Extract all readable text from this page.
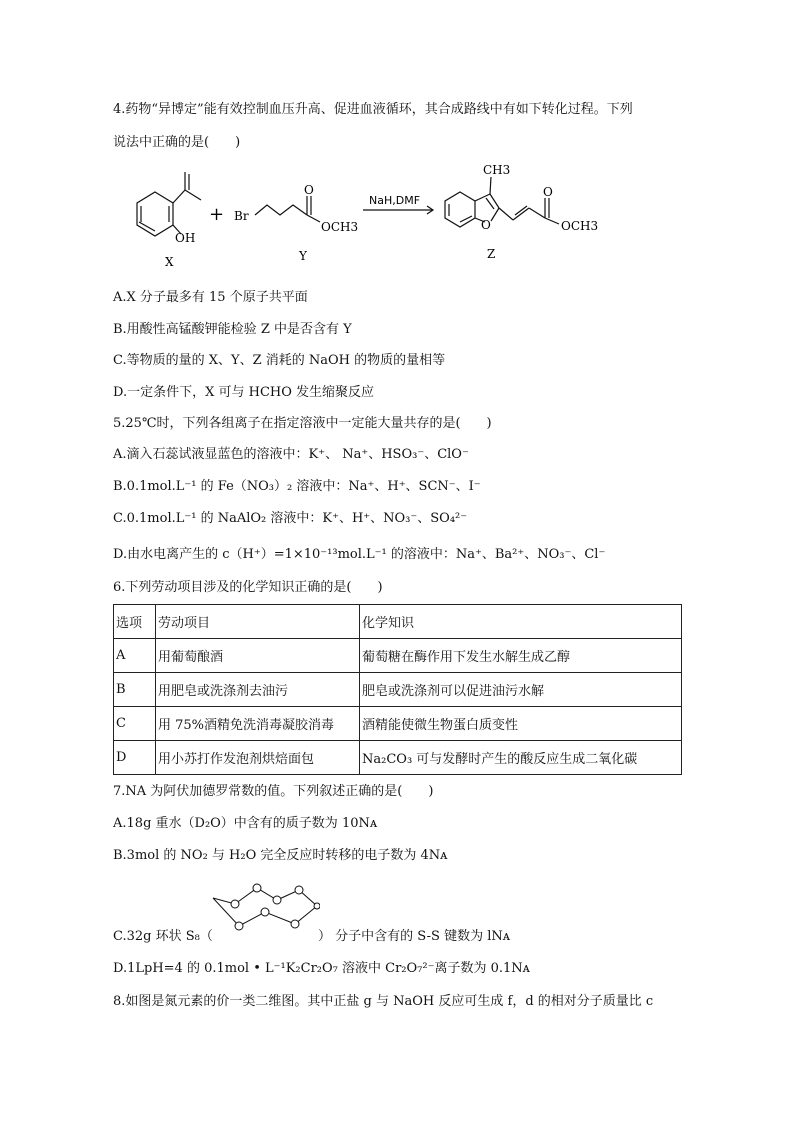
4.药物“异博定”能有效控制血压升高、促进血液循环，其合成路线中有如下转化过程。下列
说法中正确的是(　　)
OH
+ Br
O
OCH3
NaH,DMF
O
CH3
O
OCH3
X	Y	Z
A.X 分子最多有 15 个原子共平面
B.用酸性高锰酸钾能检验 Z 中是否含有 Y
C.等物质的量的 X、Y、Z 消耗的 NaOH 的物质的量相等
D.一定条件下，X 可与 HCHO 发生缩聚反应
5.25℃时，下列各组离子在指定溶液中一定能大量共存的是(　　)
A.滴入石蕊试液显蓝色的溶液中：K⁺、 Na⁺、HSO₃⁻、ClO⁻
B.0.1mol.L⁻¹ 的 Fe（NO₃）₂ 溶液中：Na⁺、H⁺、SCN⁻、I⁻
C.0.1mol.L⁻¹ 的 NaAlO₂ 溶液中：K⁺、H⁺、NO₃⁻、SO₄²⁻
D.由水电离产生的 c（H⁺）=1×10⁻¹³mol.L⁻¹ 的溶液中：Na⁺、Ba²⁺、NO₃⁻、Cl⁻
6.下列劳动项目涉及的化学知识正确的是(　　)
选项	劳动项目	化学知识
A	用葡萄酿酒	葡萄糖在酶作用下发生水解生成乙醇
B	用肥皂或洗涤剂去油污	肥皂或洗涤剂可以促进油污水解
C	用 75%酒精免洗消毒凝胶消毒	酒精能使微生物蛋白质变性
D	用小苏打作发泡剂烘焙面包	Na₂CO₃ 可与发酵时产生的酸反应生成二氧化碳
7.NA 为阿伏加德罗常数的值。下列叙述正确的是(　　)
A.18g 重水（D₂O）中含有的质子数为 10Nᴀ
B.3mol 的 NO₂ 与 H₂O 完全反应时转移的电子数为 4Nᴀ
C.32g 环状 S₈（	） 分子中含有的 S-S 键数为 lNᴀ
D.1LpH=4 的 0.1mol • L⁻¹K₂Cr₂O₇ 溶液中 Cr₂O₇²⁻离子数为 0.1Nᴀ
8.如图是氮元素的价一类二维图。其中正盐 g 与 NaOH 反应可生成 f，d 的相对分子质量比 c
